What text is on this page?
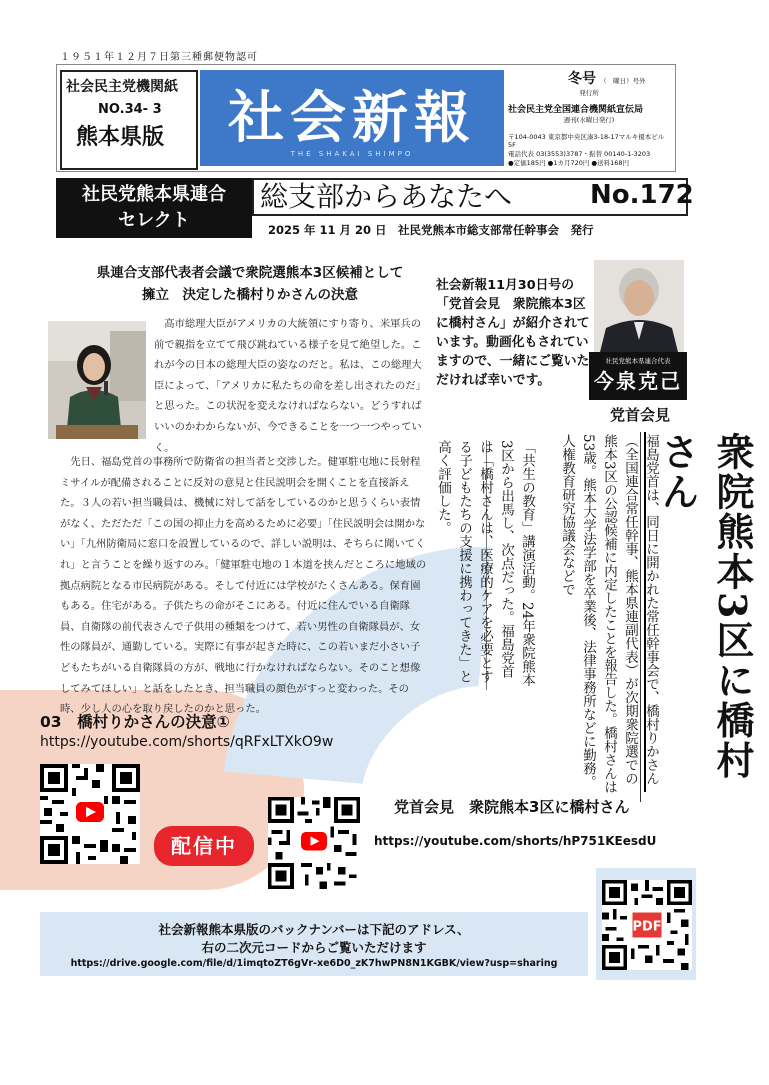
１９５１年１２月７日第三種郵便物認可
社会民主党機関紙
NO.34- 3
熊本県版	社会新報
THE SHAKAI SHIMPO
冬号 （　曜日）号外
発行所
社会民主党全国連合機関紙宣伝局
週刊(水曜日発行)
〒104-0043 東京都中央区湊3-18-17マルキ榎本ビル5F
電話代表 03(3553)3787・振替 00140-1-3203
●定価185円 ●1カ月720円 ●送料168円
社民党熊本県連合
セレクト
総支部からあなたへ	No.172
2025 年 11 月 20 日　社民党熊本市総支部常任幹事会　発行
県連合支部代表者会議で衆院選熊本3区候補として
擁立　決定した橋村りかさんの決意
高市総理大臣がアメリカの大統領にすり寄り、米軍兵の前で親指を立てて飛び跳ねている様子を見て絶望した。これが今の日本の総理大臣の姿なのだと。私は、この総理大臣によって、「アメリカに私たちの命を差し出されたのだ」と思った。この状況を変えなければならない。どうすればいいのかわからないが、今できることを一つ一つやっていく。
先日、福島党首の事務所で防衛省の担当者と交渉した。健軍駐屯地に長射程ミサイルが配備されることに反対の意見と住民説明会を開くことを直接訴えた。３人の若い担当職員は、機械に対して話をしているのかと思うくらい表情がなく、ただただ「この国の抑止力を高めるために必要」「住民説明会は開かない」「九州防衛局に窓口を設置しているので、詳しい説明は、そちらに聞いてくれ」と言うことを繰り返すのみ。「健軍駐屯地の１本道を挟んだところに地域の拠点病院となる市民病院がある。そして付近には学校がたくさんある。保育園もある。住宅がある。子供たちの命がそこにある。付近に住んでいる自衛隊員、自衛隊の前代表さんで子供用の種類をつけて、若い男性の自衛隊員が、女性の隊員が、通勤している。実際に有事が起きた時に、この若いまだ小さい子どもたちがいる自衛隊員の方が、戦地に行かなければならない。そのこと想像してみてほしい」と話をしたとき、担当職員の顔色がすっと変わった。その時、少し人の心を取り戻したのかと思った。
社会新報11月30日号の「党首会見　衆院熊本3区に橋村さん」が紹介されています。動画化もされていますので、一緒にご覧いただければ幸いです。
社民党熊本県連合代表
今泉克己
党首会見
衆院熊本3区に橋村さん
福島党首は、同日に開かれた常任幹事会で、橋村りかさん（全国連合常任幹事、熊本県連副代表）が次期衆院選での熊本3区の公認候補に内定したことを報告した。橋村さんは53歳。熊本大学法学部を卒業後、法律事務所などに勤務。人権教育研究協議会などで
「共生の教育」講演活動。24年衆院熊本3区から出馬し、次点だった。福島党首は「橋村さんは、医療的ケアを必要とする子どもたちの支援に携わってきた」と高く評価した。
03　橋村りかさんの決意①
https://youtube.com/shorts/qRFxLTXkO9w
配信中
党首会見　衆院熊本3区に橋村さん
https://youtube.com/shorts/hP751KEesdU
社会新報熊本県版のバックナンバーは下記のアドレス、
右の二次元コードからご覧いただけます
https://drive.google.com/file/d/1imqtoZT6gVr-xe6D0_zK7hwPN8N1KGBK/view?usp=sharing
PDF
